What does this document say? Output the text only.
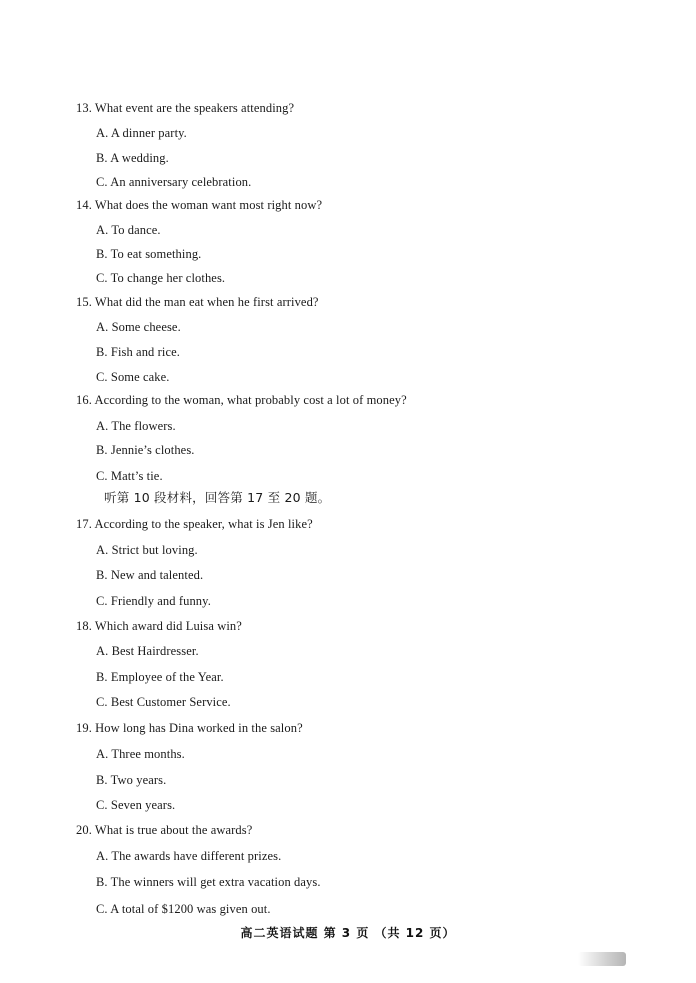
13. What event are the speakers attending?
A. A dinner party.
B. A wedding.
C. An anniversary celebration.
14. What does the woman want most right now?
A. To dance.
B. To eat something.
C. To change her clothes.
15. What did the man eat when he first arrived?
A. Some cheese.
B. Fish and rice.
C. Some cake.
16. According to the woman, what probably cost a lot of money?
A. The flowers.
B. Jennie’s clothes.
C. Matt’s tie.
听第 10 段材料，回答第 17 至 20 题。
17. According to the speaker, what is Jen like?
A. Strict but loving.
B. New and talented.
C. Friendly and funny.
18. Which award did Luisa win?
A. Best Hairdresser.
B. Employee of the Year.
C. Best Customer Service.
19. How long has Dina worked in the salon?
A. Three months.
B. Two years.
C. Seven years.
20. What is true about the awards?
A. The awards have different prizes.
B. The winners will get extra vacation days.
C. A total of $1200 was given out.
高二英语试题 第 3 页 （共 12 页）
